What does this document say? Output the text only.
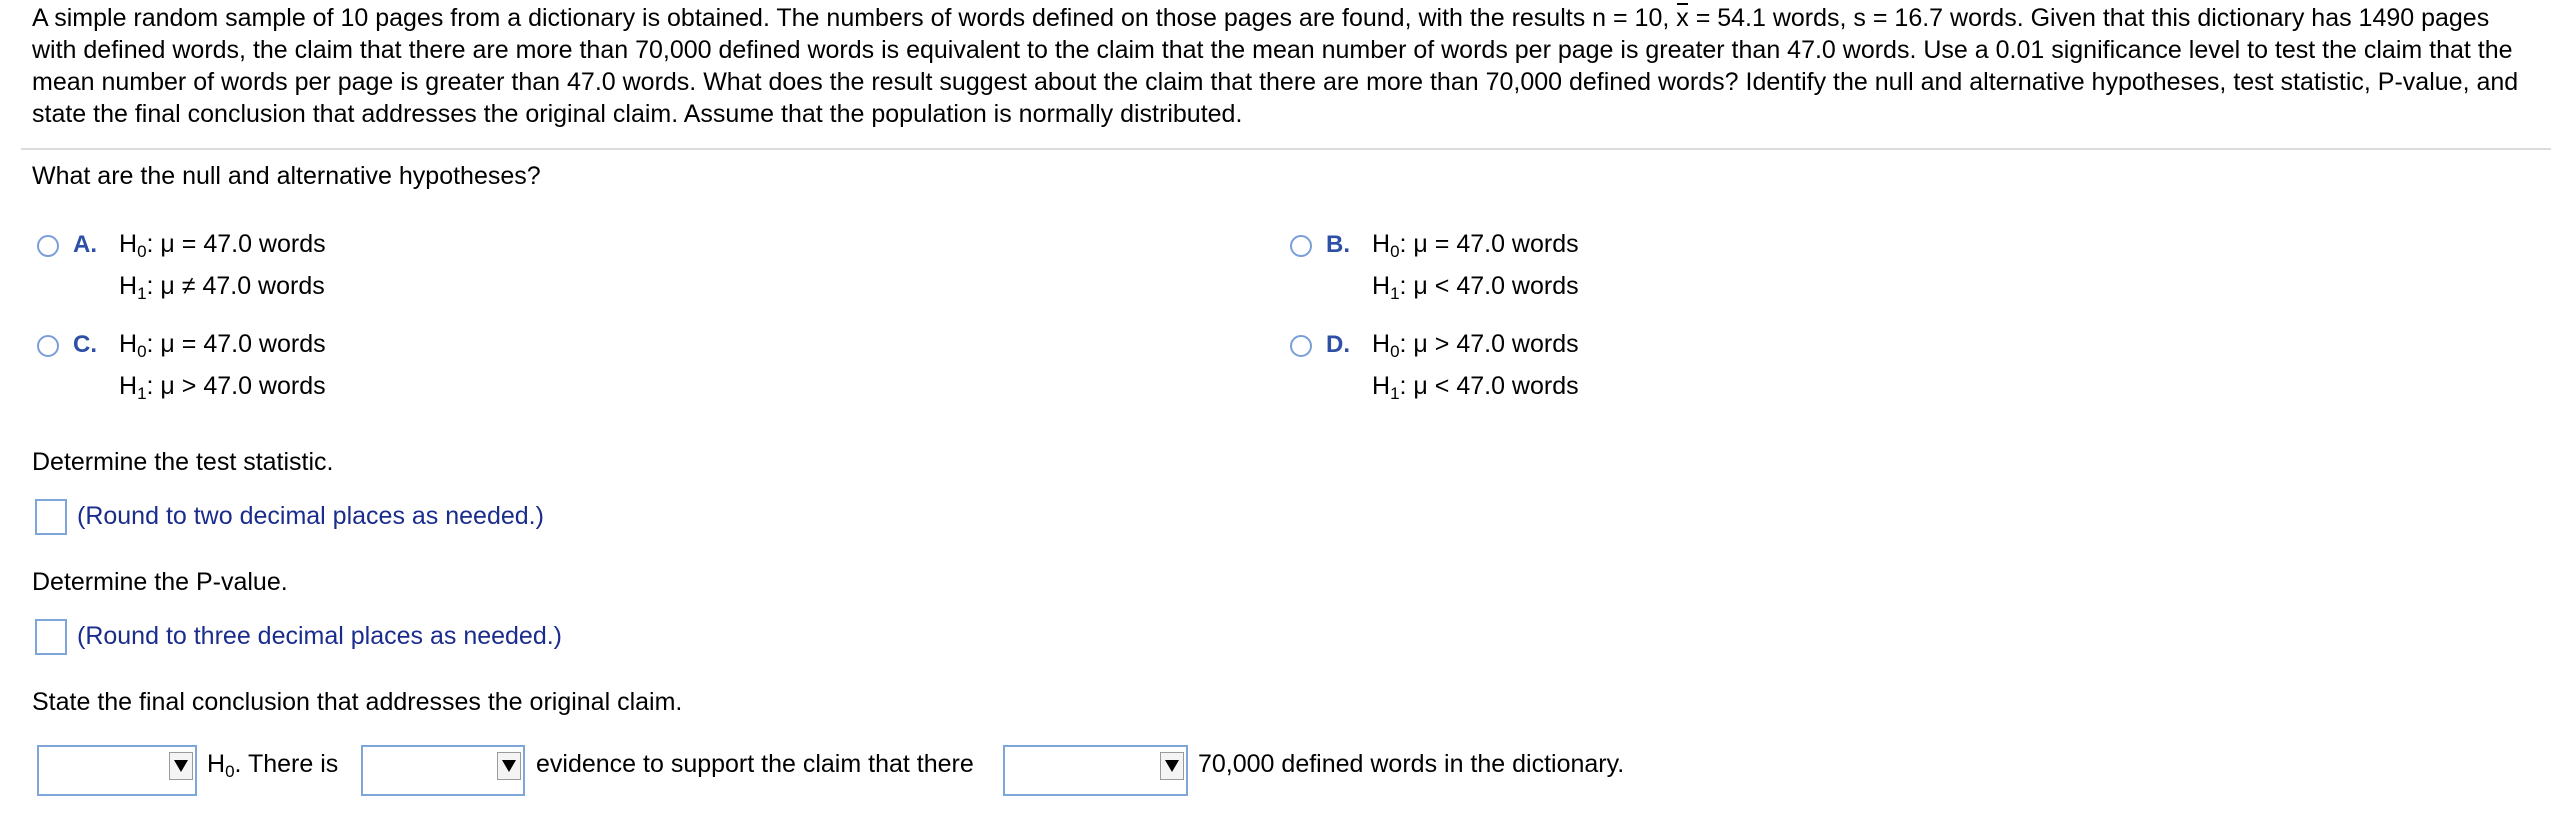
A simple random sample of 10 pages from a dictionary is obtained. The numbers of words defined on those pages are found, with the results n = 10, x = 54.1 words, s = 16.7 words. Given that this dictionary has 1490 pages with defined words, the claim that there are more than 70,000 defined words is equivalent to the claim that the mean number of words per page is greater than 47.0 words. Use a 0.01 significance level to test the claim that the mean number of words per page is greater than 47.0 words. What does the result suggest about the claim that there are more than 70,000 defined words? Identify the null and alternative hypotheses, test statistic, P-value, and state the final conclusion that addresses the original claim. Assume that the population is normally distributed.
What are the null and alternative hypotheses?
A. $H_0$: μ = 47.0 words
$H_1$: μ ≠ 47.0 words
B. $H_0$: μ = 47.0 words
$H_1$: μ < 47.0 words
C. $H_0$: μ = 47.0 words
$H_1$: μ > 47.0 words
D. $H_0$: μ > 47.0 words
$H_1$: μ < 47.0 words
Determine the test statistic.
(Round to two decimal places as needed.)
Determine the P-value.
(Round to three decimal places as needed.)
State the final conclusion that addresses the original claim.
$H_0$. There is	evidence to support the claim that there	70,000 defined words in the dictionary.
